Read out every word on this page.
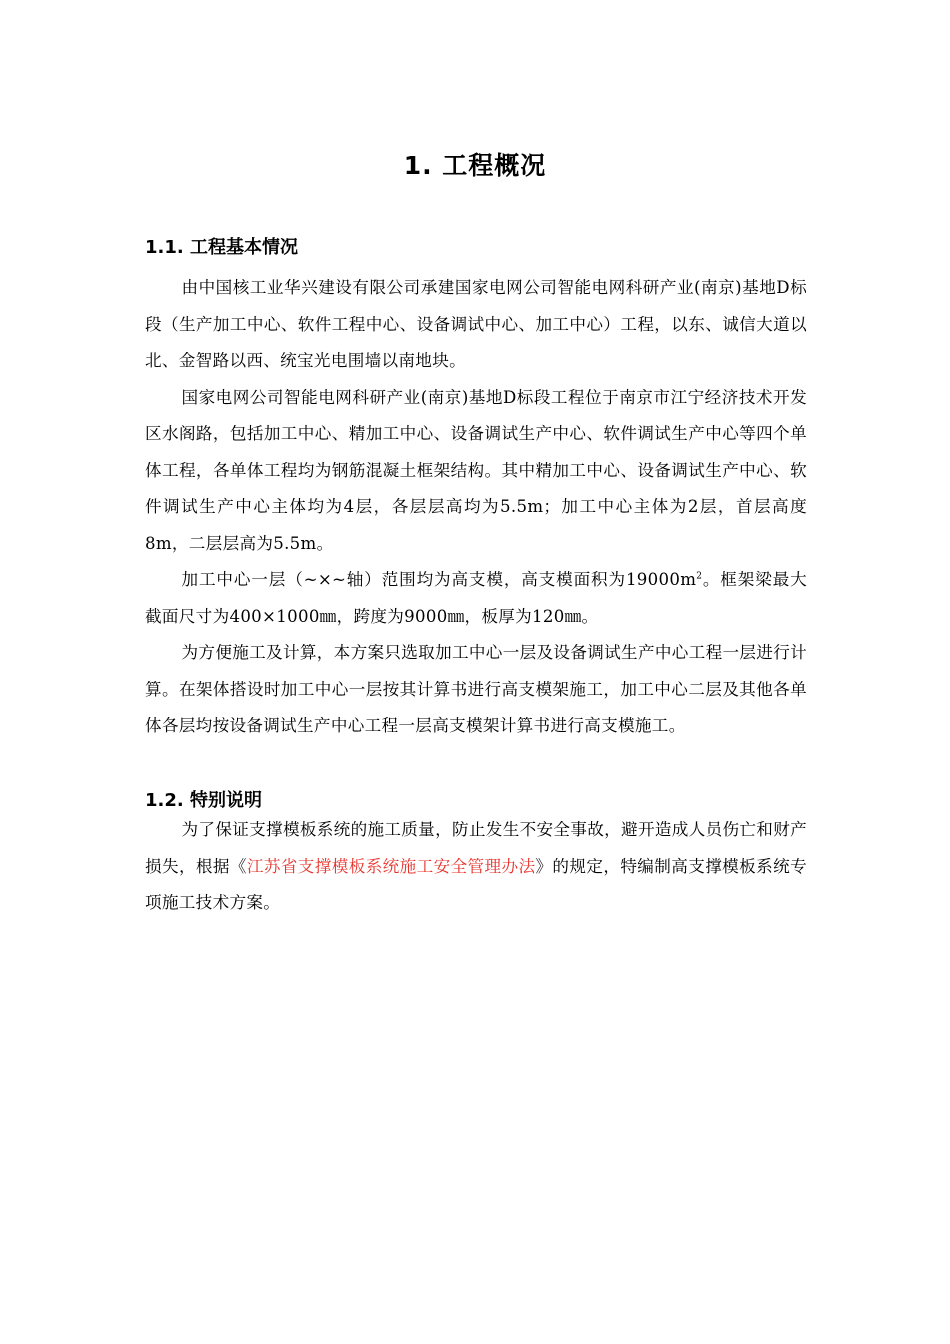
1. 工程概况
1.1. 工程基本情况

由中国核工业华兴建设有限公司承建国家电网公司智能电网科研产业(南京)基地D标段（生产加工中心、软件工程中心、设备调试中心、加工中心）工程，以东、诚信大道以北、金智路以西、统宝光电围墙以南地块。

国家电网公司智能电网科研产业(南京)基地D标段工程位于南京市江宁经济技术开发区水阁路，包括加工中心、精加工中心、设备调试生产中心、软件调试生产中心等四个单体工程，各单体工程均为钢筋混凝土框架结构。其中精加工中心、设备调试生产中心、软件调试生产中心主体均为4层，各层层高均为5.5m；加工中心主体为2层，首层高度8m，二层层高为5.5m。

加工中心一层（~×~轴）范围均为高支模，高支模面积为$19000m^2$。框架梁最大截面尺寸为400×1000㎜，跨度为9000㎜，板厚为120㎜。

为方便施工及计算，本方案只选取加工中心一层及设备调试生产中心工程一层进行计算。在架体搭设时加工中心一层按其计算书进行高支模架施工，加工中心二层及其他各单体各层均按设备调试生产中心工程一层高支模架计算书进行高支模施工。

1.2. 特别说明

为了保证支撑模板系统的施工质量，防止发生不安全事故，避开造成人员伤亡和财产损失，根据《江苏省支撑模板系统施工安全管理办法》的规定，特编制高支撑模板系统专项施工技术方案。
